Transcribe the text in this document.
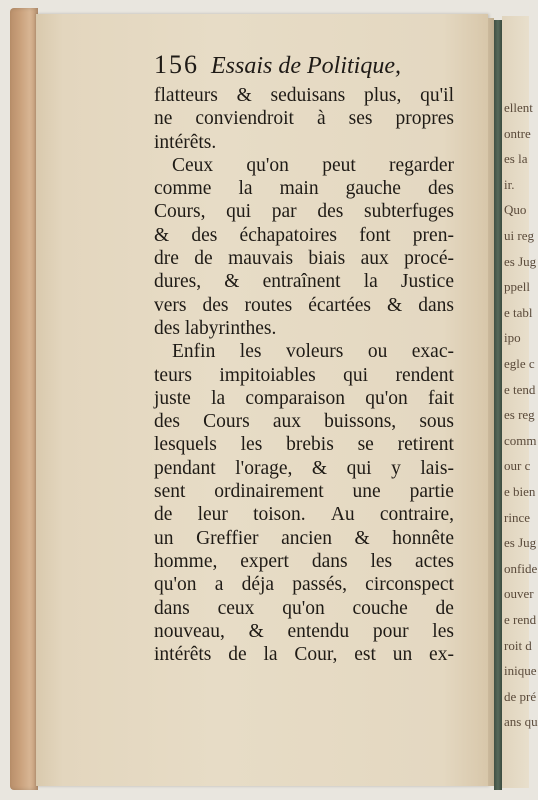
ellent
ontre
es la
ir.
Quo
ui reg
es Jug
ppell
e tabl
ipo
egle c
e tend
es reg
comm
our c
e bien
rince
es Jug
onfide
ouver
e rend
roit d
inique
de pré
ans qu
156 Essais de Politique,
flatteurs & seduisans plus, qu'il
ne conviendroit à ses propres
intérêts.
Ceux qu'on peut regarder
comme la main gauche des
Cours, qui par des subterfuges
& des échapatoires font pren-
dre de mauvais biais aux procé-
dures, & entraînent la Justice
vers des routes écartées & dans
des labyrinthes.
Enfin les voleurs ou exac-
teurs impitoiables qui rendent
juste la comparaison qu'on fait
des Cours aux buissons, sous
lesquels les brebis se retirent
pendant l'orage, & qui y lais-
sent ordinairement une partie
de leur toison. Au contraire,
un Greffier ancien & honnête
homme, expert dans les actes
qu'on a déja passés, circonspect
dans ceux qu'on couche de
nouveau, & entendu pour les
intérêts de la Cour, est un ex-
